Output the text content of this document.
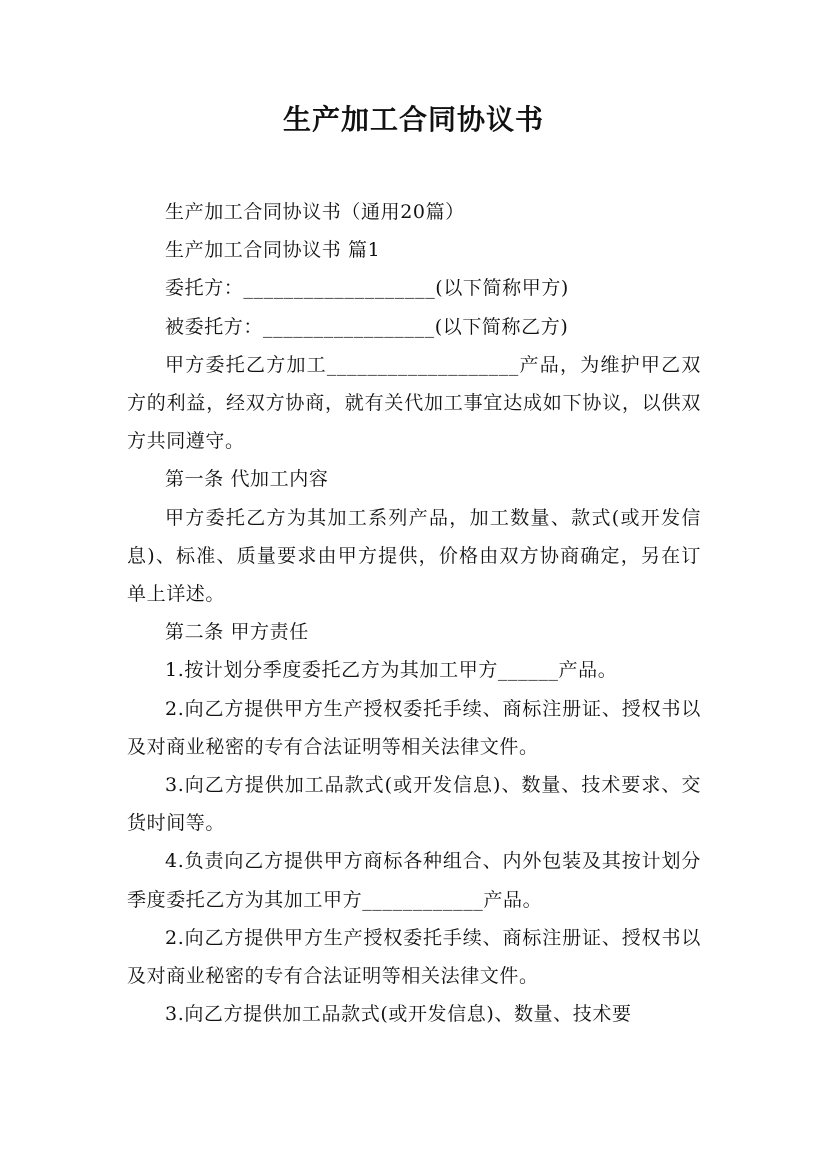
生产加工合同协议书

生产加工合同协议书（通用20篇）

生产加工合同协议书 篇1

委托方：___________________(以下简称甲方)

被委托方：_________________(以下简称乙方)

甲方委托乙方加工___________________产品，为维护甲乙双方的利益，经双方协商，就有关代加工事宜达成如下协议，以供双方共同遵守。

第一条 代加工内容

甲方委托乙方为其加工系列产品，加工数量、款式(或开发信息)、标准、质量要求由甲方提供，价格由双方协商确定，另在订单上详述。

第二条 甲方责任

1.按计划分季度委托乙方为其加工甲方______产品。

2.向乙方提供甲方生产授权委托手续、商标注册证、授权书以及对商业秘密的专有合法证明等相关法律文件。

3.向乙方提供加工品款式(或开发信息)、数量、技术要求、交货时间等。

4.负责向乙方提供甲方商标各种组合、内外包装及其按计划分季度委托乙方为其加工甲方____________产品。

2.向乙方提供甲方生产授权委托手续、商标注册证、授权书以及对商业秘密的专有合法证明等相关法律文件。

3.向乙方提供加工品款式(或开发信息)、数量、技术要
